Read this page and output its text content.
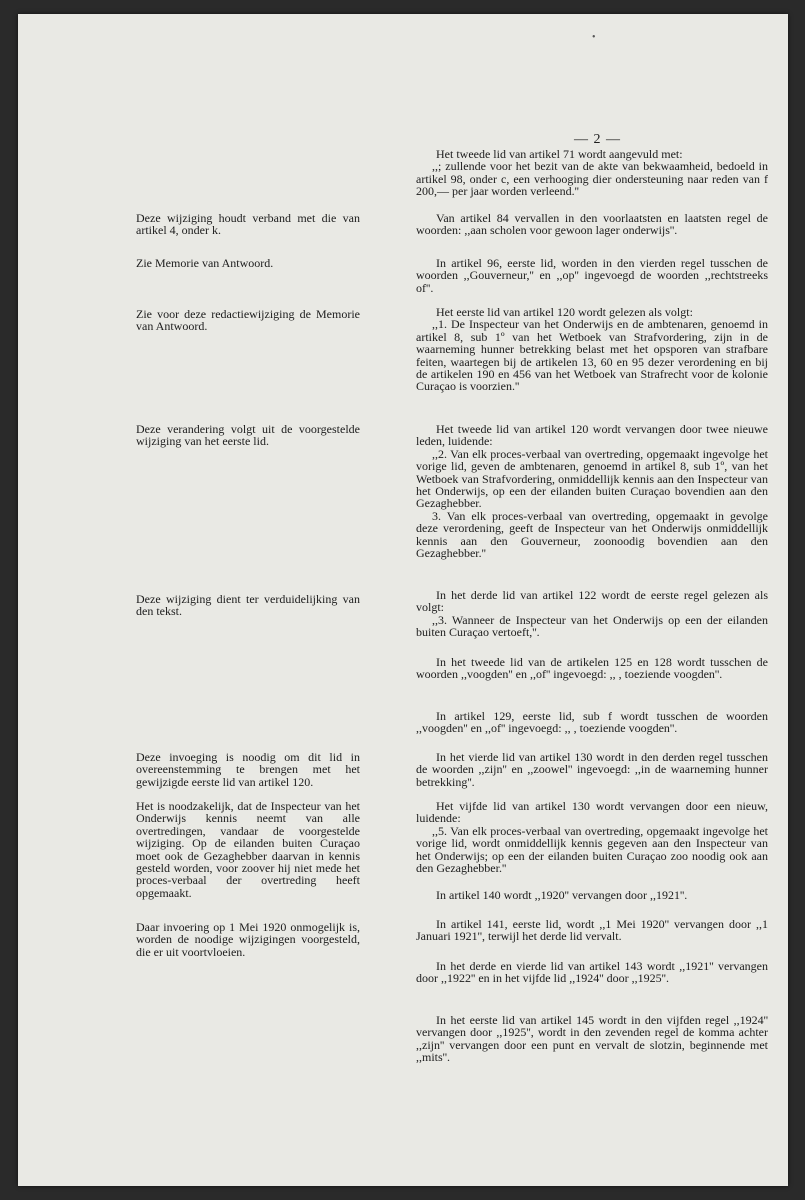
•
— 2 —

Deze wijziging houdt verband met die van artikel 4, onder k.

Zie Memorie van Antwoord.

Zie voor deze redactiewijziging de Memorie van Antwoord.

Deze verandering volgt uit de voorgestelde wijziging van het eerste lid.

Deze wijziging dient ter verduidelijking van den tekst.

Deze invoeging is noodig om dit lid in overeenstemming te brengen met het gewijzigde eerste lid van artikel 120.

Het is noodzakelijk, dat de Inspecteur van het Onderwijs kennis neemt van alle overtredingen, vandaar de voorgestelde wijziging. Op de eilanden buiten Curaçao moet ook de Gezaghebber daarvan in kennis gesteld worden, voor zoover hij niet mede het proces-verbaal der overtreding heeft opgemaakt.

Daar invoering op 1 Mei 1920 onmogelijk is, worden de noodige wijzigingen voorgesteld, die er uit voortvloeien.

Het tweede lid van artikel 71 wordt aangevuld met:

,,; zullende voor het bezit van de akte van bekwaamheid, bedoeld in artikel 98, onder c, een verhooging dier ondersteuning naar reden van f 200,— per jaar worden verleend.''

Van artikel 84 vervallen in den voorlaatsten en laatsten regel de woorden: ,,aan scholen voor gewoon lager onderwijs''.

In artikel 96, eerste lid, worden in den vierden regel tusschen de woorden ,,Gouverneur,'' en ,,op'' ingevoegd de woorden ,,rechtstreeks of''.

Het eerste lid van artikel 120 wordt gelezen als volgt:

,,1. De Inspecteur van het Onderwijs en de ambtenaren, genoemd in artikel 8, sub 1º van het Wetboek van Strafvordering, zijn in de waarneming hunner betrekking belast met het opsporen van strafbare feiten, waartegen bij de artikelen 13, 60 en 95 dezer verordening en bij de artikelen 190 en 456 van het Wetboek van Strafrecht voor de kolonie Curaçao is voorzien.''

Het tweede lid van artikel 120 wordt vervangen door twee nieuwe leden, luidende:

,,2. Van elk proces-verbaal van overtreding, opgemaakt ingevolge het vorige lid, geven de ambtenaren, genoemd in artikel 8, sub 1º, van het Wetboek van Strafvordering, onmiddellijk kennis aan den Inspecteur van het Onderwijs, op een der eilanden buiten Curaçao bovendien aan den Gezaghebber.

3. Van elk proces-verbaal van overtreding, opgemaakt in gevolge deze verordening, geeft de Inspecteur van het Onderwijs onmiddellijk kennis aan den Gouverneur, zoonoodig bovendien aan den Gezaghebber.''

In het derde lid van artikel 122 wordt de eerste regel gelezen als volgt:

,,3. Wanneer de Inspecteur van het Onderwijs op een der eilanden buiten Curaçao vertoeft,''.

In het tweede lid van de artikelen 125 en 128 wordt tusschen de woorden ,,voogden'' en ,,of'' ingevoegd: ,, , toeziende voogden''.

In artikel 129, eerste lid, sub f wordt tusschen de woorden ,,voogden'' en ,,of'' ingevoegd: ,, , toeziende voogden''.

In het vierde lid van artikel 130 wordt in den derden regel tusschen de woorden ,,zijn'' en ,,zoowel'' ingevoegd: ,,in de waarneming hunner betrekking''.

Het vijfde lid van artikel 130 wordt vervangen door een nieuw, luidende:

,,5. Van elk proces-verbaal van overtreding, opgemaakt ingevolge het vorige lid, wordt onmiddellijk kennis gegeven aan den Inspecteur van het Onderwijs; op een der eilanden buiten Curaçao zoo noodig ook aan den Gezaghebber.''

In artikel 140 wordt ,,1920'' vervangen door ,,1921''.

In artikel 141, eerste lid, wordt ,,1 Mei 1920'' vervangen door ,,1 Januari 1921'', terwijl het derde lid vervalt.

In het derde en vierde lid van artikel 143 wordt ,,1921'' vervangen door ,,1922'' en in het vijfde lid ,,1924'' door ,,1925''.

In het eerste lid van artikel 145 wordt in den vijfden regel ,,1924'' vervangen door ,,1925'', wordt in den zevenden regel de komma achter ,,zijn'' vervangen door een punt en vervalt de slotzin, beginnende met ,,mits''.
